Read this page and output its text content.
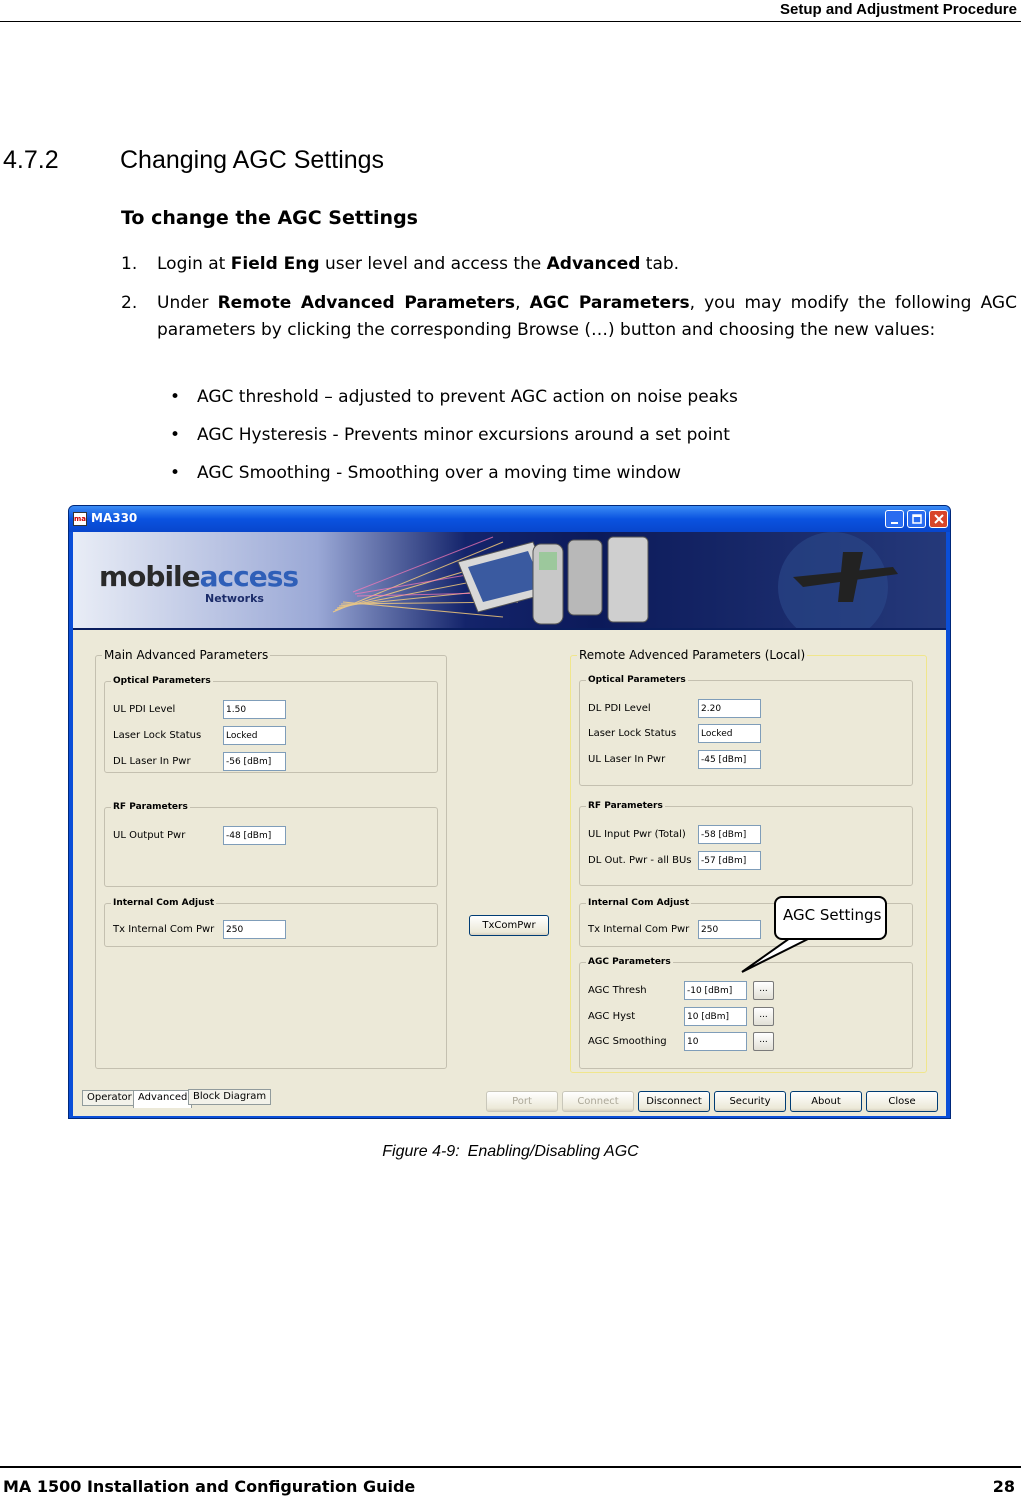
Setup and Adjustment Procedure
4.7.2 Changing AGC Settings
To change the AGC Settings
1. Login at Field Eng user level and access the Advanced tab.
2. Under Remote Advanced Parameters, AGC Parameters, you may modify the following AGC parameters by clicking the corresponding Browse (…) button and choosing the new values:
• AGC threshold – adjusted to prevent AGC action on noise peaks
• AGC Hysteresis - Prevents minor excursions around a set point
• AGC Smoothing - Smoothing over a moving time window
ma MA330
mobileaccess
Networks
Main Advanced Parameters
Optical Parameters
UL PDI Level	1.50
Laser Lock Status	Locked
DL Laser In Pwr	-56 [dBm]
RF Parameters
UL Output Pwr	-48 [dBm]
Internal Com Adjust
Tx Internal Com Pwr	250	TxComPwr
Remote Advenced Parameters (Local)
Optical Parameters
DL PDI Level	2.20
Laser Lock Status	Locked
UL Laser In Pwr	-45 [dBm]
RF Parameters
UL Input Pwr (Total)	-58 [dBm]
DL Out. Pwr - all BUs	-57 [dBm]
Internal Com Adjust
Tx Internal Com Pwr	250
AGC Parameters
AGC Thresh	-10 [dBm]	...
AGC Hyst	10 [dBm]	...
AGC Smoothing	10	...
Operator Advanced Block Diagram	Port	Connect	Disconnect	Security	About	Close
AGC Settings
Figure 4-9: Enabling/Disabling AGC
MA 1500 Installation and Configuration Guide	28
